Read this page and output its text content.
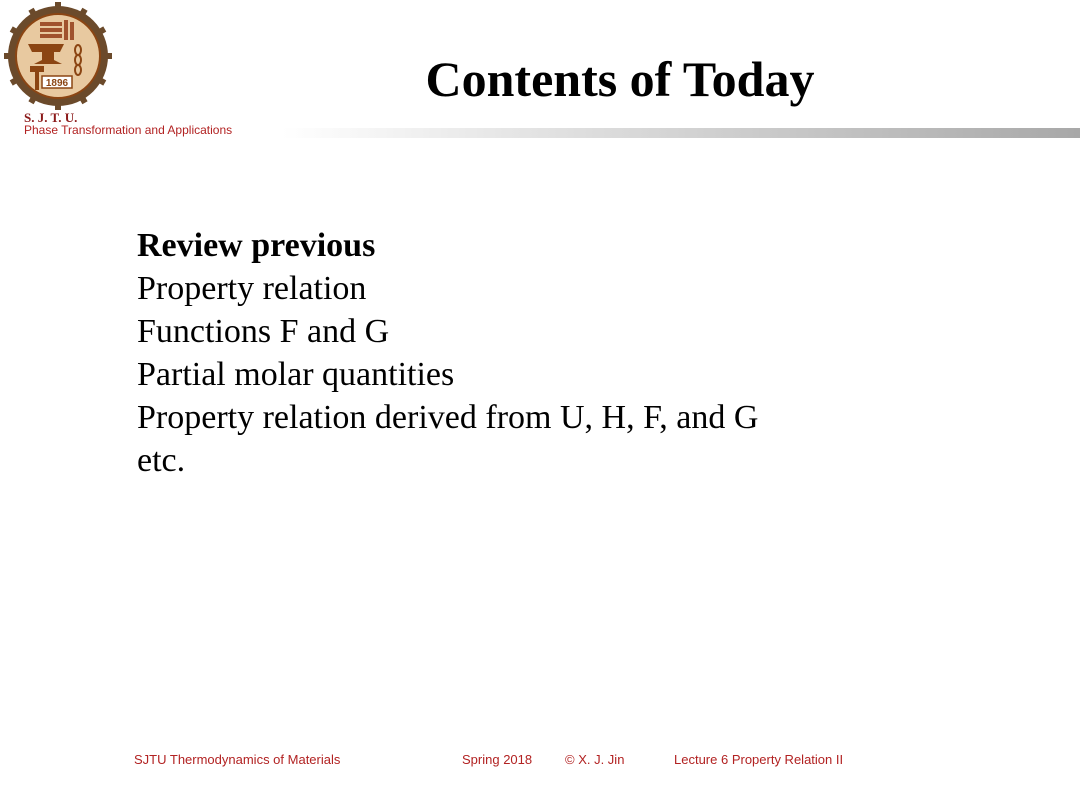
1896
S. J. T. U.
Phase Transformation and Applications
Contents of Today
Review previous
Property relation
Functions F and G
Partial molar quantities
Property relation derived from U, H, F, and G
etc.
SJTU Thermodynamics of Materials	Spring 2018	© X. J. Jin	Lecture 6 Property Relation II
